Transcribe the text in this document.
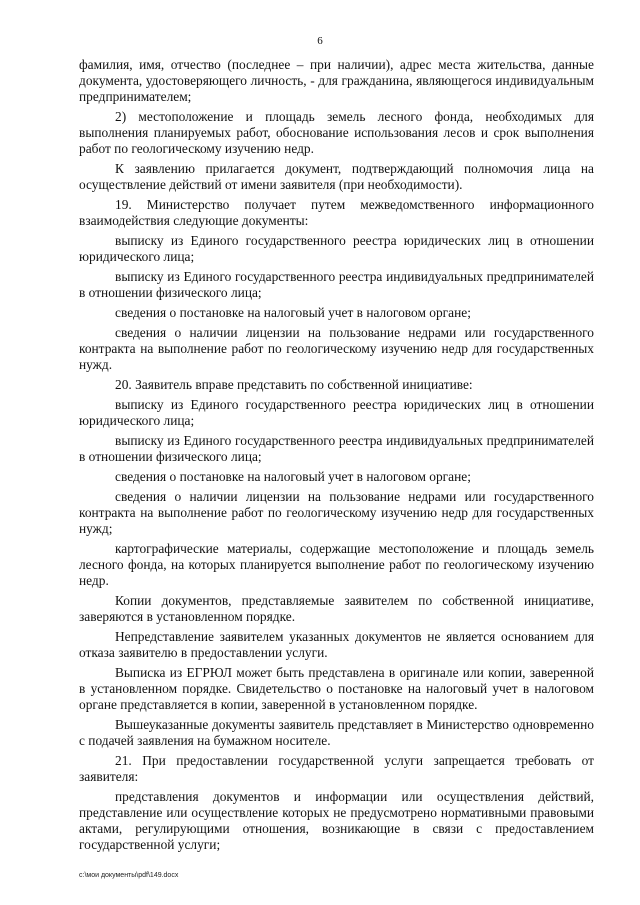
6

фамилия, имя, отчество (последнее – при наличии), адрес места жительства, данные документа, удостоверяющего личность, - для гражданина, являющегося индивидуальным предпринимателем;

2) местоположение и площадь земель лесного фонда, необходимых для выполнения планируемых работ, обоснование использования лесов и срок выполнения работ по геологическому изучению недр.

К заявлению прилагается документ, подтверждающий полномочия лица на осуществление действий от имени заявителя (при необходимости).

19. Министерство получает путем межведомственного информационного взаимодействия следующие документы:

выписку из Единого государственного реестра юридических лиц в отношении юридического лица;

выписку из Единого государственного реестра индивидуальных предпринимателей в отношении физического лица;

сведения о постановке на налоговый учет в налоговом органе;

сведения о наличии лицензии на пользование недрами или государственного контракта на выполнение работ по геологическому изучению недр для государственных нужд.

20. Заявитель вправе представить по собственной инициативе:

выписку из Единого государственного реестра юридических лиц в отношении юридического лица;

выписку из Единого государственного реестра индивидуальных предпринимателей в отношении физического лица;

сведения о постановке на налоговый учет в налоговом органе;

сведения о наличии лицензии на пользование недрами или государственного контракта на выполнение работ по геологическому изучению недр для государственных нужд;

картографические материалы, содержащие местоположение и площадь земель лесного фонда, на которых планируется выполнение работ по геологическому изучению недр.

Копии документов, представляемые заявителем по собственной инициативе, заверяются в установленном порядке.

Непредставление заявителем указанных документов не является основанием для отказа заявителю в предоставлении услуги.

Выписка из ЕГРЮЛ может быть представлена в оригинале или копии, заверенной в установленном порядке. Свидетельство о постановке на налоговый учет в налоговом органе представляется в копии, заверенной в установленном порядке.

Вышеуказанные документы заявитель представляет в Министерство одновременно с подачей заявления на бумажном носителе.

21. При предоставлении государственной услуги запрещается требовать от заявителя:

представления документов и информации или осуществления действий, представление или осуществление которых не предусмотрено нормативными правовыми актами, регулирующими отношения, возникающие в связи с предоставлением государственной услуги;

c:\мои документы\pdf\149.docx
